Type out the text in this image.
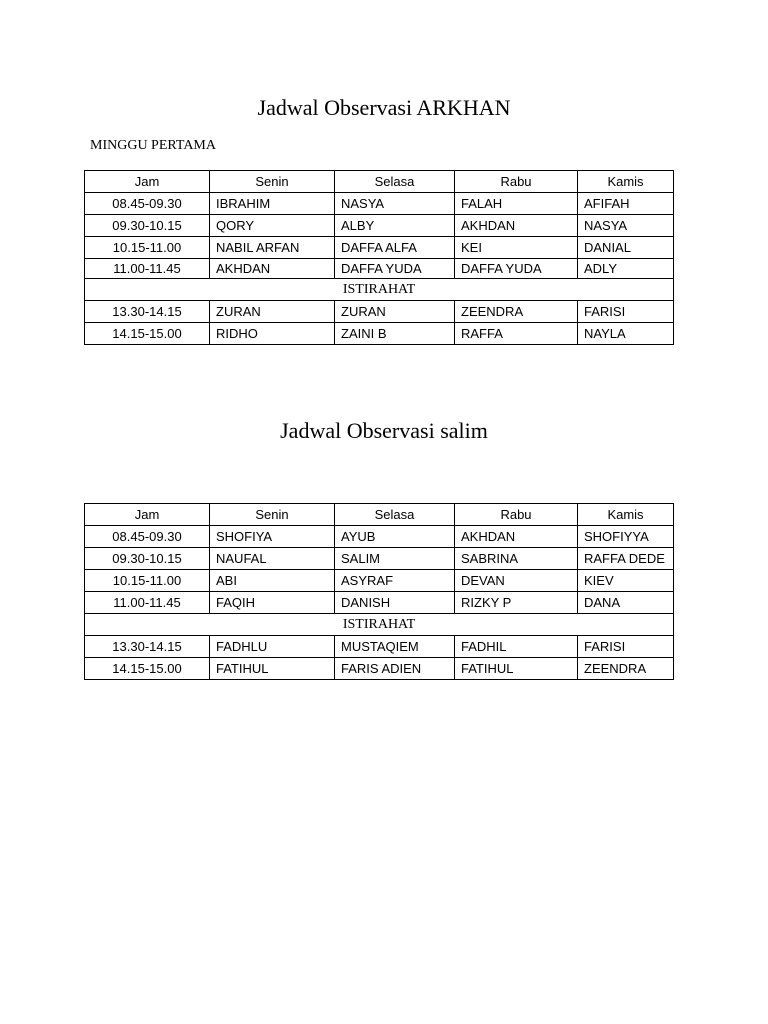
Jadwal Observasi ARKHAN
MINGGU PERTAMA
Jam	Senin	Selasa	Rabu	Kamis
08.45-09.30	IBRAHIM	NASYA	FALAH	AFIFAH
09.30-10.15	QORY	ALBY	AKHDAN	NASYA
10.15-11.00	NABIL ARFAN	DAFFA ALFA	KEI	DANIAL
11.00-11.45	AKHDAN	DAFFA YUDA	DAFFA YUDA	ADLY
ISTIRAHAT				
13.30-14.15	ZURAN	ZURAN	ZEENDRA	FARISI
14.15-15.00	RIDHO	ZAINI B	RAFFA	NAYLA
Jadwal Observasi salim
Jam	Senin	Selasa	Rabu	Kamis
08.45-09.30	SHOFIYA	AYUB	AKHDAN	SHOFIYYA
09.30-10.15	NAUFAL	SALIM	SABRINA	RAFFA DEDE
10.15-11.00	ABI	ASYRAF	DEVAN	KIEV
11.00-11.45	FAQIH	DANISH	RIZKY P	DANA
ISTIRAHAT				
13.30-14.15	FADHLU	MUSTAQIEM	FADHIL	FARISI
14.15-15.00	FATIHUL	FARIS ADIEN	FATIHUL	ZEENDRA
